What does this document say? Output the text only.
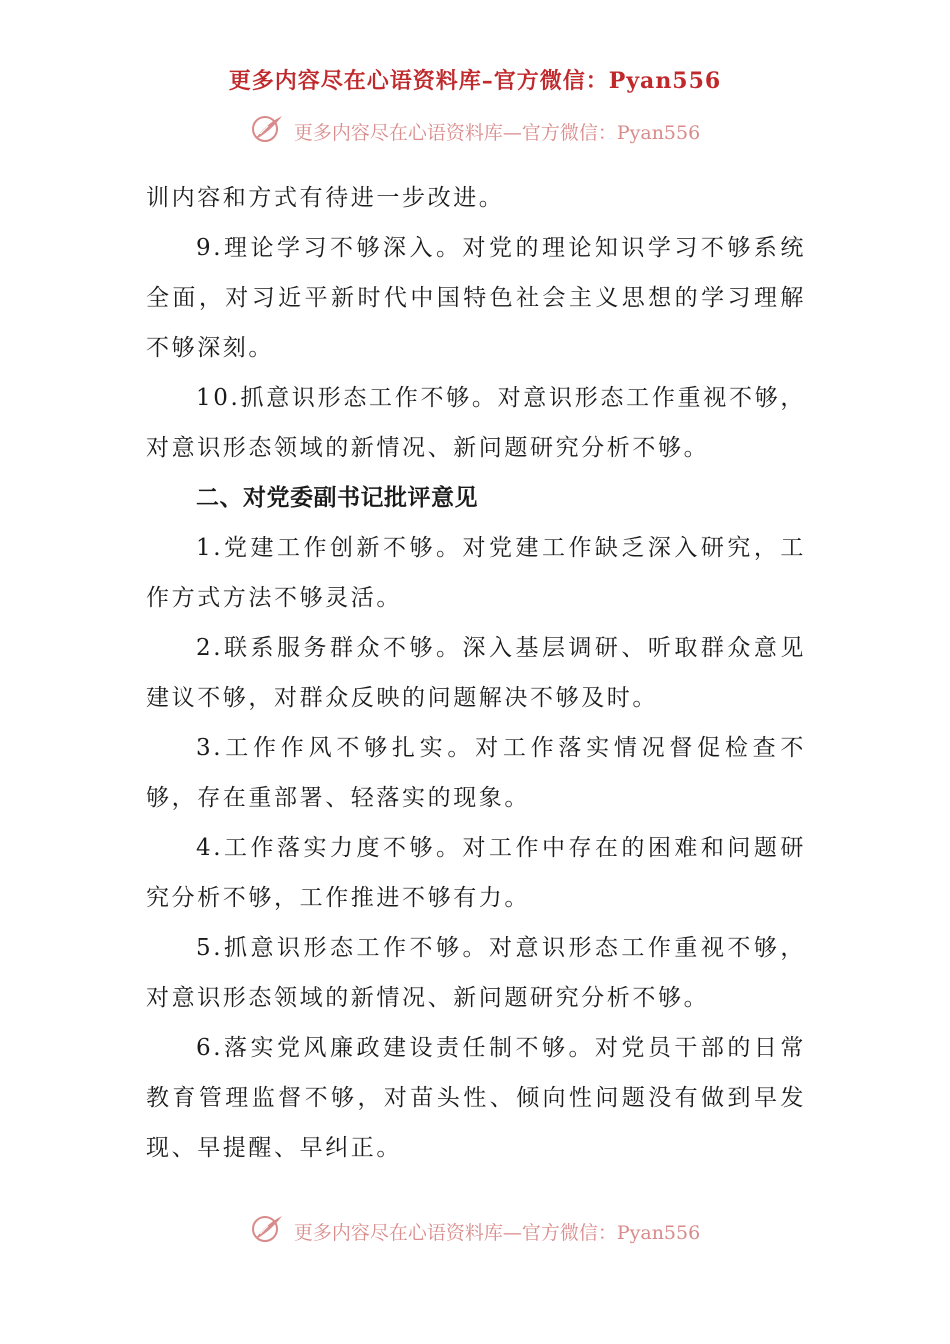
更多内容尽在心语资料库–官方微信：Pyan556
更多内容尽在心语资料库—官方微信：Pyan556

训内容和方式有待进一步改进。

9.理论学习不够深入。对党的理论知识学习不够系统全面，对习近平新时代中国特色社会主义思想的学习理解不够深刻。

10.抓意识形态工作不够。对意识形态工作重视不够，对意识形态领域的新情况、新问题研究分析不够。

二、对党委副书记批评意见

1.党建工作创新不够。对党建工作缺乏深入研究，工作方式方法不够灵活。

2.联系服务群众不够。深入基层调研、听取群众意见建议不够，对群众反映的问题解决不够及时。

3.工作作风不够扎实。对工作落实情况督促检查不够，存在重部署、轻落实的现象。

4.工作落实力度不够。对工作中存在的困难和问题研究分析不够，工作推进不够有力。

5.抓意识形态工作不够。对意识形态工作重视不够，对意识形态领域的新情况、新问题研究分析不够。

6.落实党风廉政建设责任制不够。对党员干部的日常教育管理监督不够，对苗头性、倾向性问题没有做到早发现、早提醒、早纠正。

更多内容尽在心语资料库—官方微信：Pyan556
